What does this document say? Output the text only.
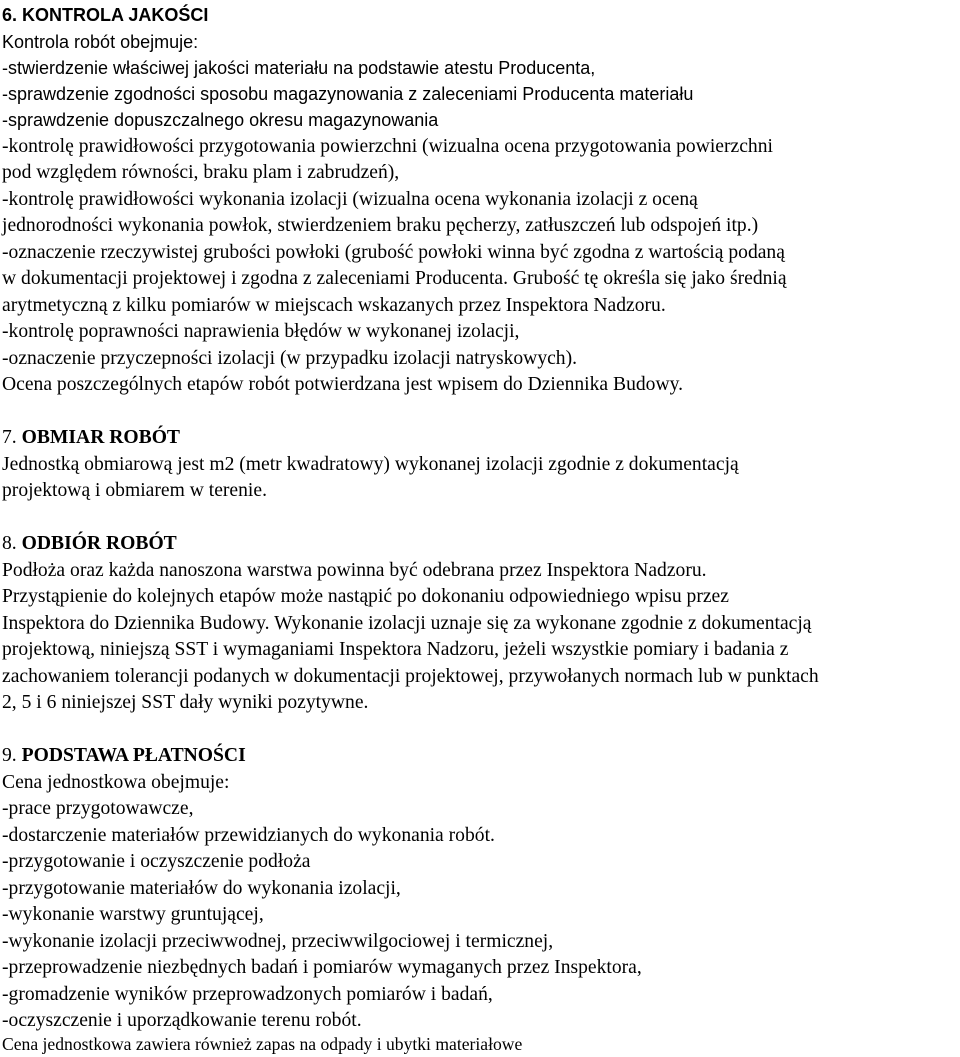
6. KONTROLA JAKOŚCI
Kontrola robót obejmuje:
-stwierdzenie właściwej jakości materiału na podstawie atestu Producenta,
-sprawdzenie zgodności sposobu magazynowania z zaleceniami Producenta materiału
-sprawdzenie dopuszczalnego okresu magazynowania
-kontrolę prawidłowości przygotowania powierzchni (wizualna ocena przygotowania powierzchni
pod względem równości, braku plam i zabrudzeń),
-kontrolę prawidłowości wykonania izolacji (wizualna ocena wykonania izolacji z oceną
jednorodności wykonania powłok, stwierdzeniem braku pęcherzy, zatłuszczeń lub odspojeń itp.)
-oznaczenie rzeczywistej grubości powłoki (grubość powłoki winna być zgodna z wartością podaną
w dokumentacji projektowej i zgodna z zaleceniami Producenta. Grubość tę określa się jako średnią
arytmetyczną z kilku pomiarów w miejscach wskazanych przez Inspektora Nadzoru.
-kontrolę poprawności naprawienia błędów w wykonanej izolacji,
-oznaczenie przyczepności izolacji (w przypadku izolacji natryskowych).
Ocena poszczególnych etapów robót potwierdzana jest wpisem do Dziennika Budowy.
7. OBMIAR ROBÓT
Jednostką obmiarową jest m2 (metr kwadratowy) wykonanej izolacji zgodnie z dokumentacją
projektową i obmiarem w terenie.
8. ODBIÓR ROBÓT
Podłoża oraz każda nanoszona warstwa powinna być odebrana przez Inspektora Nadzoru.
Przystąpienie do kolejnych etapów może nastąpić po dokonaniu odpowiedniego wpisu przez
Inspektora do Dziennika Budowy. Wykonanie izolacji uznaje się za wykonane zgodnie z dokumentacją
projektową, niniejszą SST i wymaganiami Inspektora Nadzoru, jeżeli wszystkie pomiary i badania z
zachowaniem tolerancji podanych w dokumentacji projektowej, przywołanych normach lub w punktach
2, 5 i 6 niniejszej SST dały wyniki pozytywne.
9. PODSTAWA PŁATNOŚCI
Cena jednostkowa obejmuje:
-prace przygotowawcze,
-dostarczenie materiałów przewidzianych do wykonania robót.
-przygotowanie i oczyszczenie podłoża
-przygotowanie materiałów do wykonania izolacji,
-wykonanie warstwy gruntującej,
-wykonanie izolacji przeciwwodnej, przeciwwilgociowej i termicznej,
-przeprowadzenie niezbędnych badań i pomiarów wymaganych przez Inspektora,
-gromadzenie wyników przeprowadzonych pomiarów i badań,
-oczyszczenie i uporządkowanie terenu robót.
Cena jednostkowa zawiera również zapas na odpady i ubytki materiałowe
